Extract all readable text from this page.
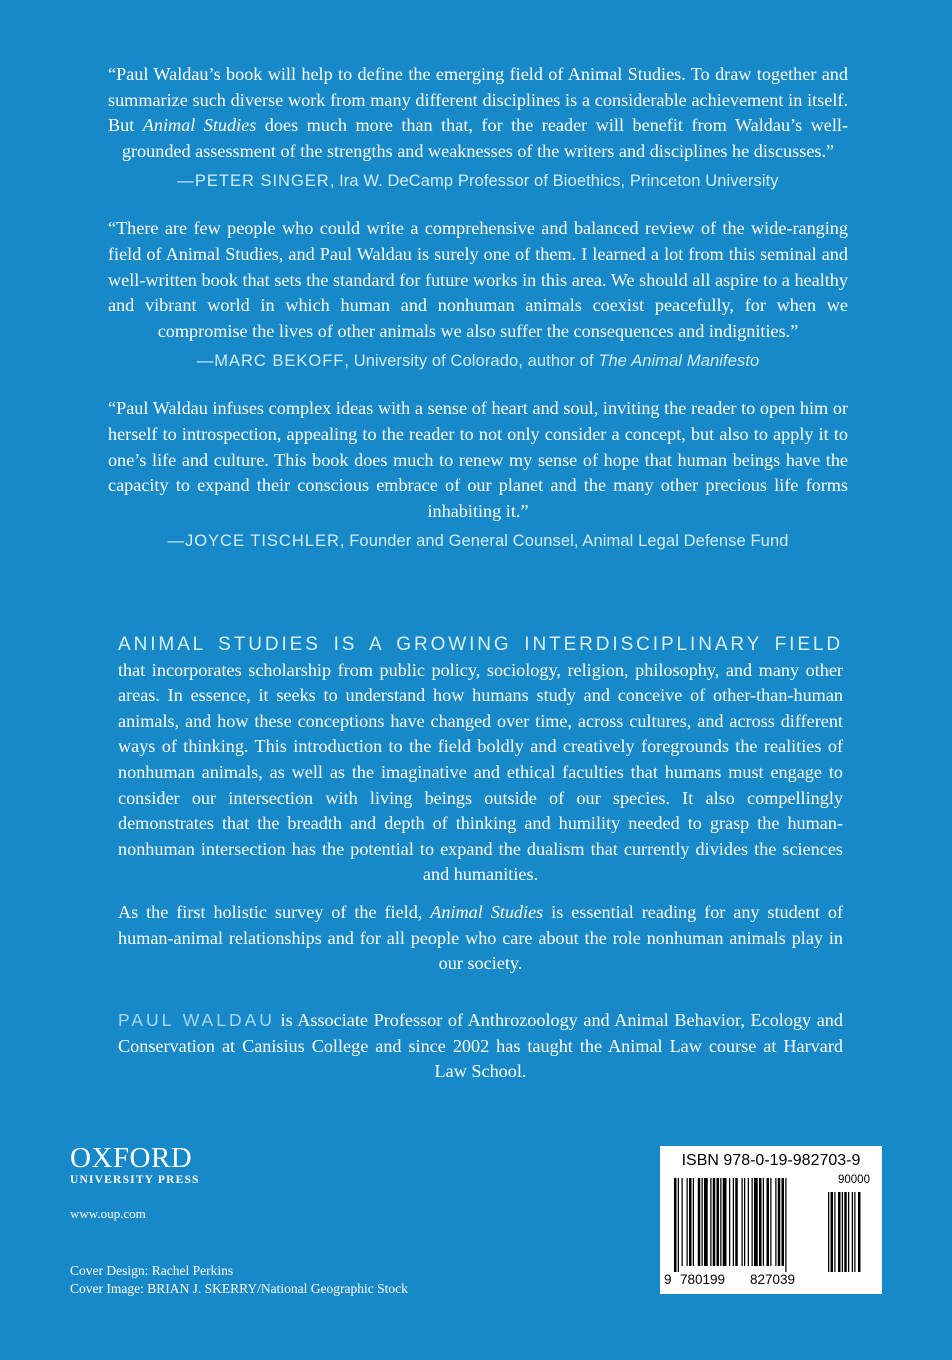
“Paul Waldau’s book will help to define the emerging field of Animal Studies. To draw together and summarize such diverse work from many different disciplines is a considerable achievement in itself. But Animal Studies does much more than that, for the reader will benefit from Waldau’s well-grounded assessment of the strengths and weaknesses of the writers and disciplines he discusses.”

—PETER SINGER, Ira W. DeCamp Professor of Bioethics, Princeton University

“There are few people who could write a comprehensive and balanced review of the wide-ranging field of Animal Studies, and Paul Waldau is surely one of them. I learned a lot from this seminal and well-written book that sets the standard for future works in this area. We should all aspire to a healthy and vibrant world in which human and nonhuman animals coexist peacefully, for when we compromise the lives of other animals we also suffer the consequences and indignities.”

—MARC BEKOFF, University of Colorado, author of The Animal Manifesto

“Paul Waldau infuses complex ideas with a sense of heart and soul, inviting the reader to open him or herself to introspection, appealing to the reader to not only consider a concept, but also to apply it to one’s life and culture. This book does much to renew my sense of hope that human beings have the capacity to expand their conscious embrace of our planet and the many other precious life forms inhabiting it.”

—JOYCE TISCHLER, Founder and General Counsel, Animal Legal Defense Fund

ANIMAL STUDIES IS A GROWING INTERDISCIPLINARY FIELD that incorporates scholarship from public policy, sociology, religion, philosophy, and many other areas. In essence, it seeks to understand how humans study and conceive of other-than-human animals, and how these conceptions have changed over time, across cultures, and across different ways of thinking. This introduction to the field boldly and creatively foregrounds the realities of nonhuman animals, as well as the imaginative and ethical faculties that humans must engage to consider our intersection with living beings outside of our species. It also compellingly demonstrates that the breadth and depth of thinking and humility needed to grasp the human-nonhuman intersection has the potential to expand the dualism that currently divides the sciences and humanities.

As the first holistic survey of the field, Animal Studies is essential reading for any student of human-animal relationships and for all people who care about the role nonhuman animals play in our society.

PAUL WALDAU is Associate Professor of Anthrozoology and Animal Behavior, Ecology and Conservation at Canisius College and since 2002 has taught the Animal Law course at Harvard Law School.

OXFORD
UNIVERSITY PRESS
www.oup.com
Cover Design: Rachel Perkins
Cover Image: BRIAN J. SKERRY/National Geographic Stock
ISBN 978-0-19-982703-9
90000
9 780199 827039
